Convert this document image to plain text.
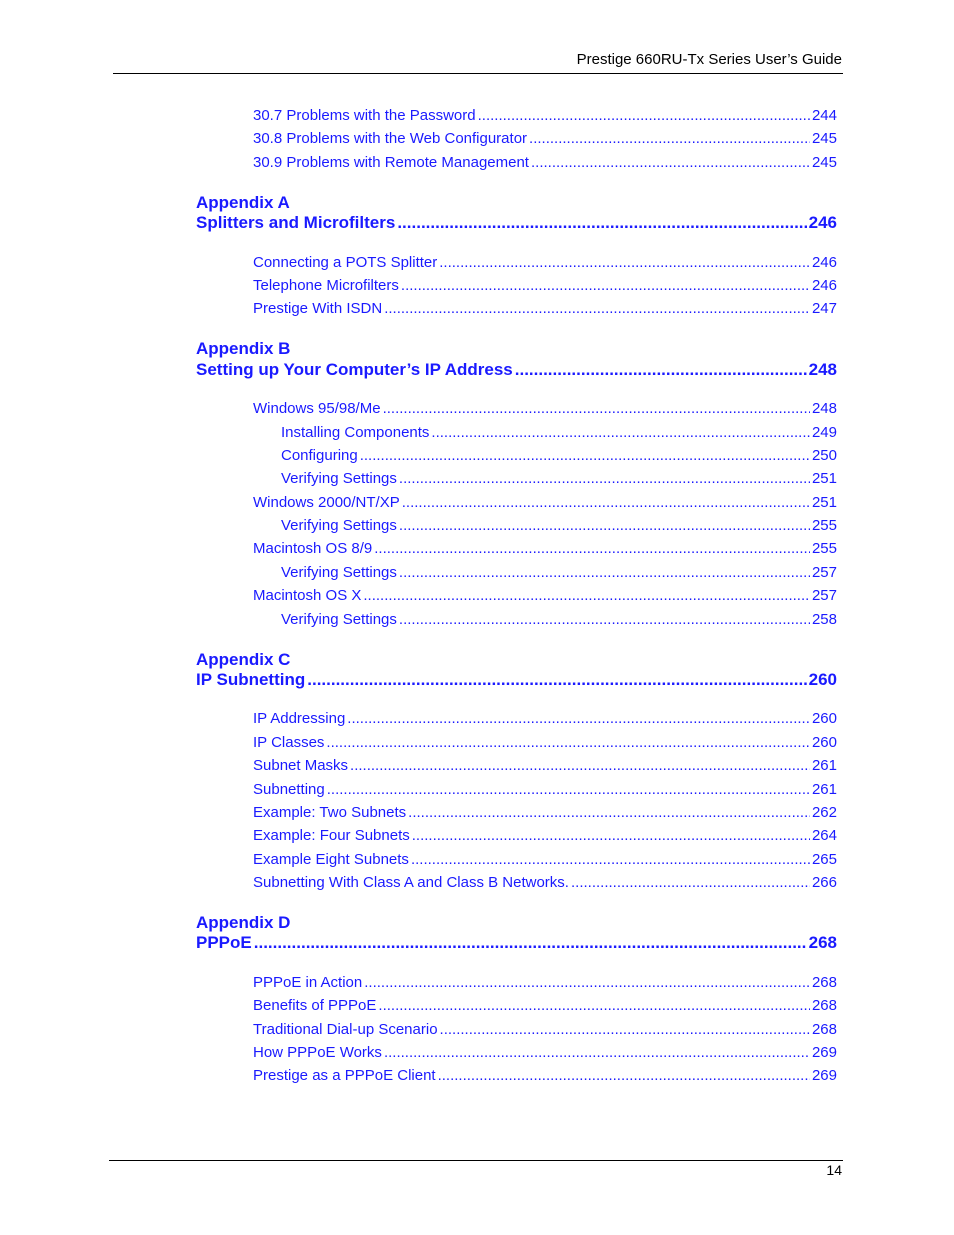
Prestige 660RU-Tx Series User’s Guide
30.7 Problems with the Password .....	244
30.8 Problems with the Web Configurator .....	245
30.9 Problems with Remote Management .....	245
Appendix A
Splitters and Microfilters .....	246
Connecting a POTS Splitter .....	246
Telephone Microfilters .....	246
Prestige With ISDN .....	247
Appendix B
Setting up Your Computer’s IP Address .....	248
Windows 95/98/Me .....	248
Installing Components .....	249
Configuring .....	250
Verifying Settings .....	251
Windows 2000/NT/XP .....	251
Verifying Settings .....	255
Macintosh OS 8/9 .....	255
Verifying Settings .....	257
Macintosh OS X .....	257
Verifying Settings .....	258
Appendix C
IP Subnetting .....	260
IP Addressing .....	260
IP Classes .....	260
Subnet Masks .....	261
Subnetting .....	261
Example: Two Subnets .....	262
Example: Four Subnets .....	264
Example Eight Subnets .....	265
Subnetting With Class A and Class B Networks. .....	266
Appendix D
PPPoE .....	268
PPPoE in Action .....	268
Benefits of PPPoE .....	268
Traditional Dial-up Scenario .....	268
How PPPoE Works .....	269
Prestige as a PPPoE Client .....	269
14
